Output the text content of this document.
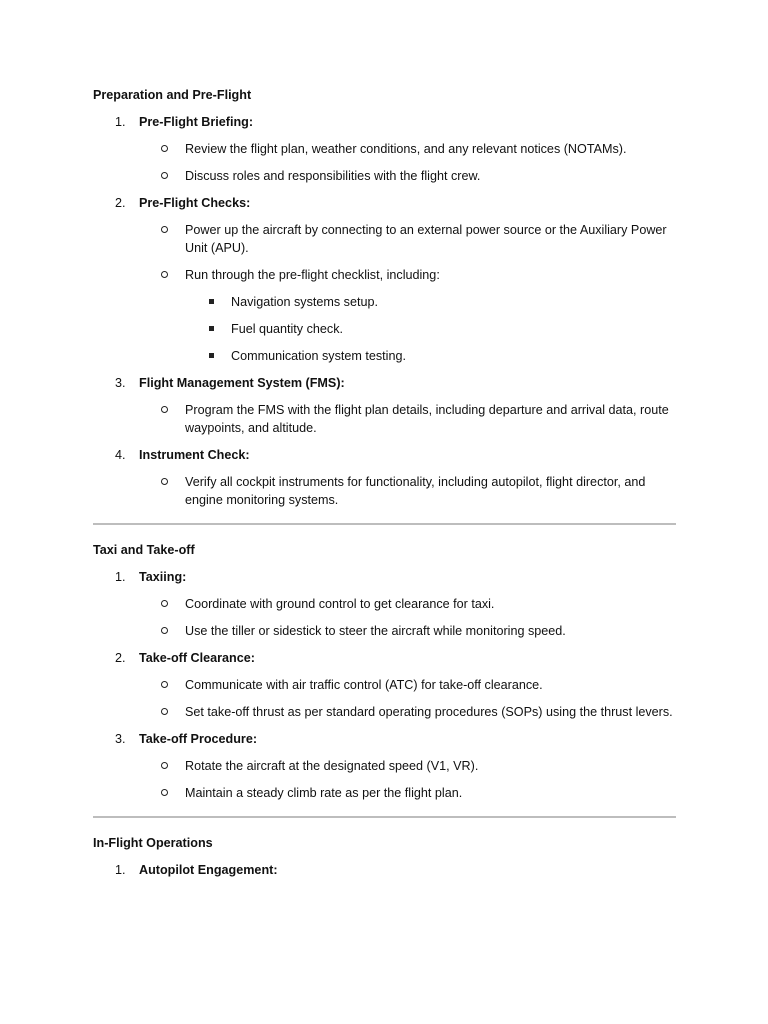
Preparation and Pre-Flight
1. Pre-Flight Briefing:
Review the flight plan, weather conditions, and any relevant notices (NOTAMs).
Discuss roles and responsibilities with the flight crew.
2. Pre-Flight Checks:
Power up the aircraft by connecting to an external power source or the Auxiliary Power Unit (APU).
Run through the pre-flight checklist, including:
Navigation systems setup.
Fuel quantity check.
Communication system testing.
3. Flight Management System (FMS):
Program the FMS with the flight plan details, including departure and arrival data, route waypoints, and altitude.
4. Instrument Check:
Verify all cockpit instruments for functionality, including autopilot, flight director, and engine monitoring systems.
Taxi and Take-off
1. Taxiing:
Coordinate with ground control to get clearance for taxi.
Use the tiller or sidestick to steer the aircraft while monitoring speed.
2. Take-off Clearance:
Communicate with air traffic control (ATC) for take-off clearance.
Set take-off thrust as per standard operating procedures (SOPs) using the thrust levers.
3. Take-off Procedure:
Rotate the aircraft at the designated speed (V1, VR).
Maintain a steady climb rate as per the flight plan.
In-Flight Operations
1. Autopilot Engagement:
